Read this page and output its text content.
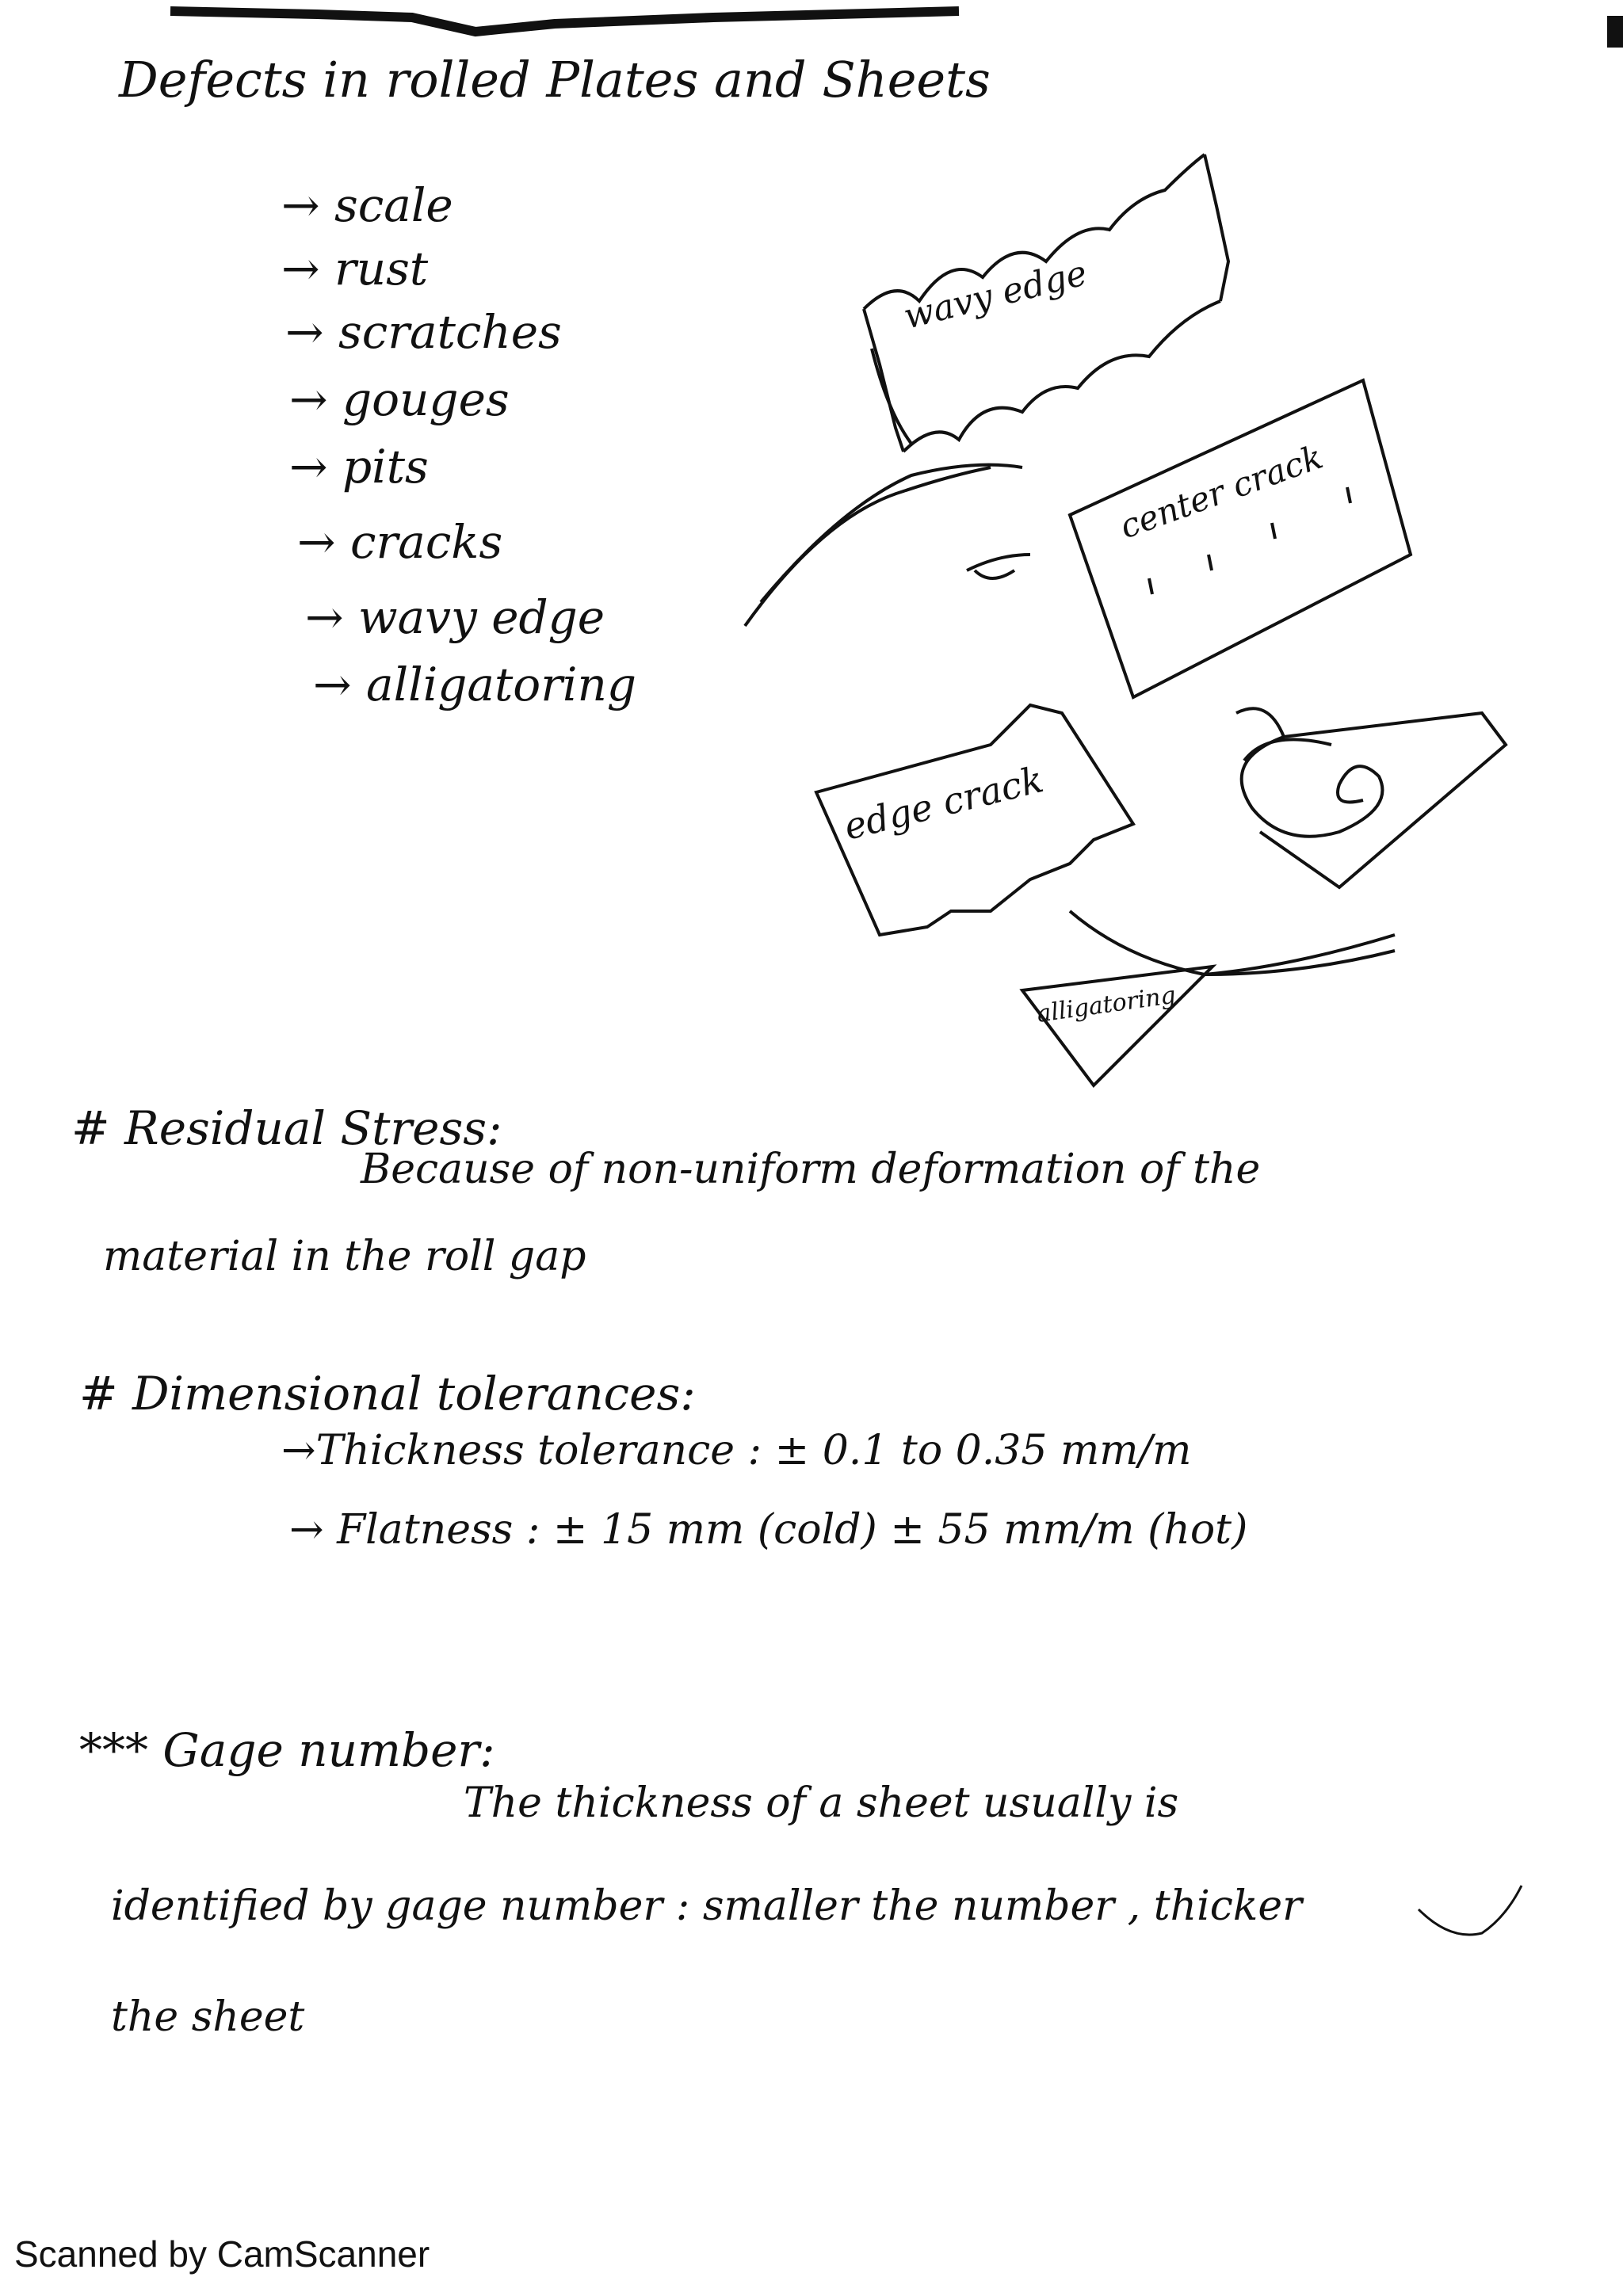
wavy edge
center crack
edge crack
alligatoring
Defects in rolled Plates and Sheets
→ scale
→ rust
→ scratches
→ gouges
→ pits
→ cracks
→ wavy edge
→ alligatoring
# Residual Stress:
Because of non-uniform deformation of the
material in the roll gap
# Dimensional tolerances:
→Thickness tolerance : ± 0.1 to 0.35 mm/m
→ Flatness : ± 15 mm (cold) ± 55 mm/m (hot)
*** Gage number:
The thickness of a sheet usually is
identified by gage number : smaller the number , thicker
the sheet
Scanned by CamScanner
